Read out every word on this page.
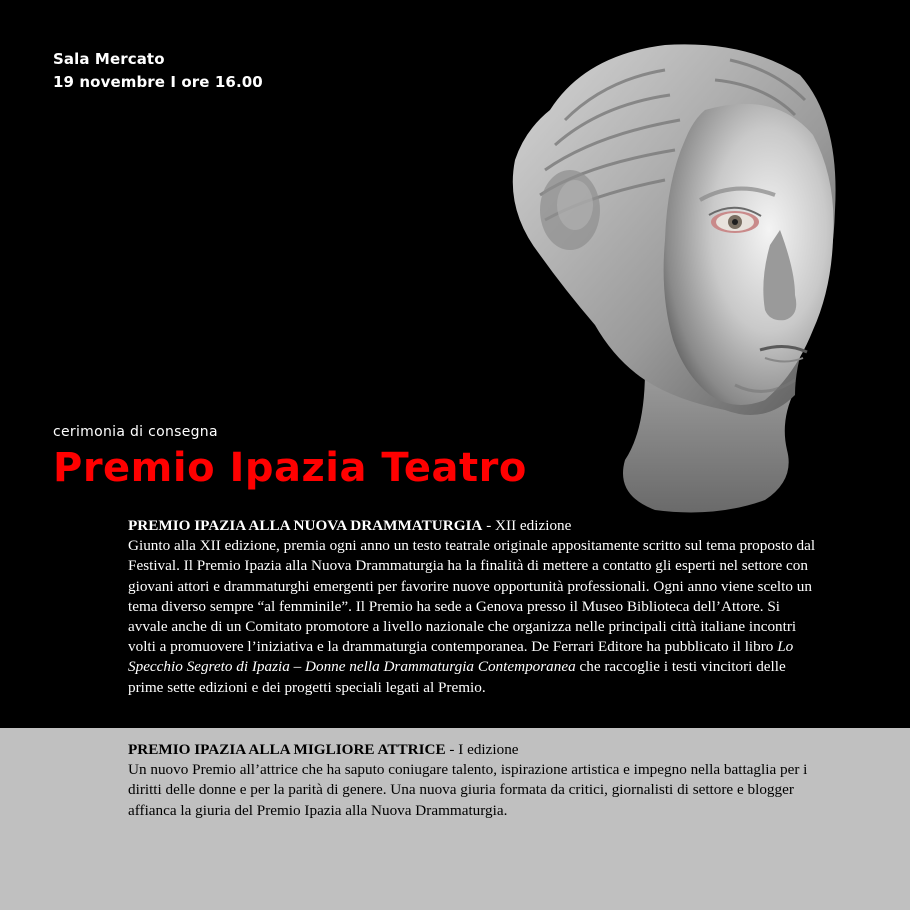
Sala Mercato
19 novembre I ore 16.00
cerimonia di consegna
Premio Ipazia Teatro

PREMIO IPAZIA ALLA NUOVA DRAMMATURGIA - XII edizione

Giunto alla XII edizione, premia ogni anno un testo teatrale originale appositamente scritto sul tema proposto dal Festival. Il Premio Ipazia alla Nuova Drammaturgia ha la finalità di mettere a contatto gli esperti nel settore con giovani attori e drammaturghi emergenti per favorire nuove opportunità professionali. Ogni anno viene scelto un tema diverso sempre “al femminile”. Il Premio ha sede a Genova presso il Museo Biblioteca dell’Attore. Si avvale anche di un Comitato promotore a livello nazionale che organizza nelle principali città italiane incontri volti a promuovere l’iniziativa e la drammaturgia contemporanea. De Ferrari Editore ha pubblicato il libro Lo Specchio Segreto di Ipazia – Donne nella Drammaturgia Contemporanea che raccoglie i testi vincitori delle prime sette edizioni e dei progetti speciali legati al Premio.

PREMIO IPAZIA ALLA MIGLIORE ATTRICE - I edizione

Un nuovo Premio all’attrice che ha saputo coniugare talento, ispirazione artistica e impegno nella battaglia per i diritti delle donne e per la parità di genere. Una nuova giuria formata da critici, giornalisti di settore e blogger affianca la giuria del Premio Ipazia alla Nuova Drammaturgia.
